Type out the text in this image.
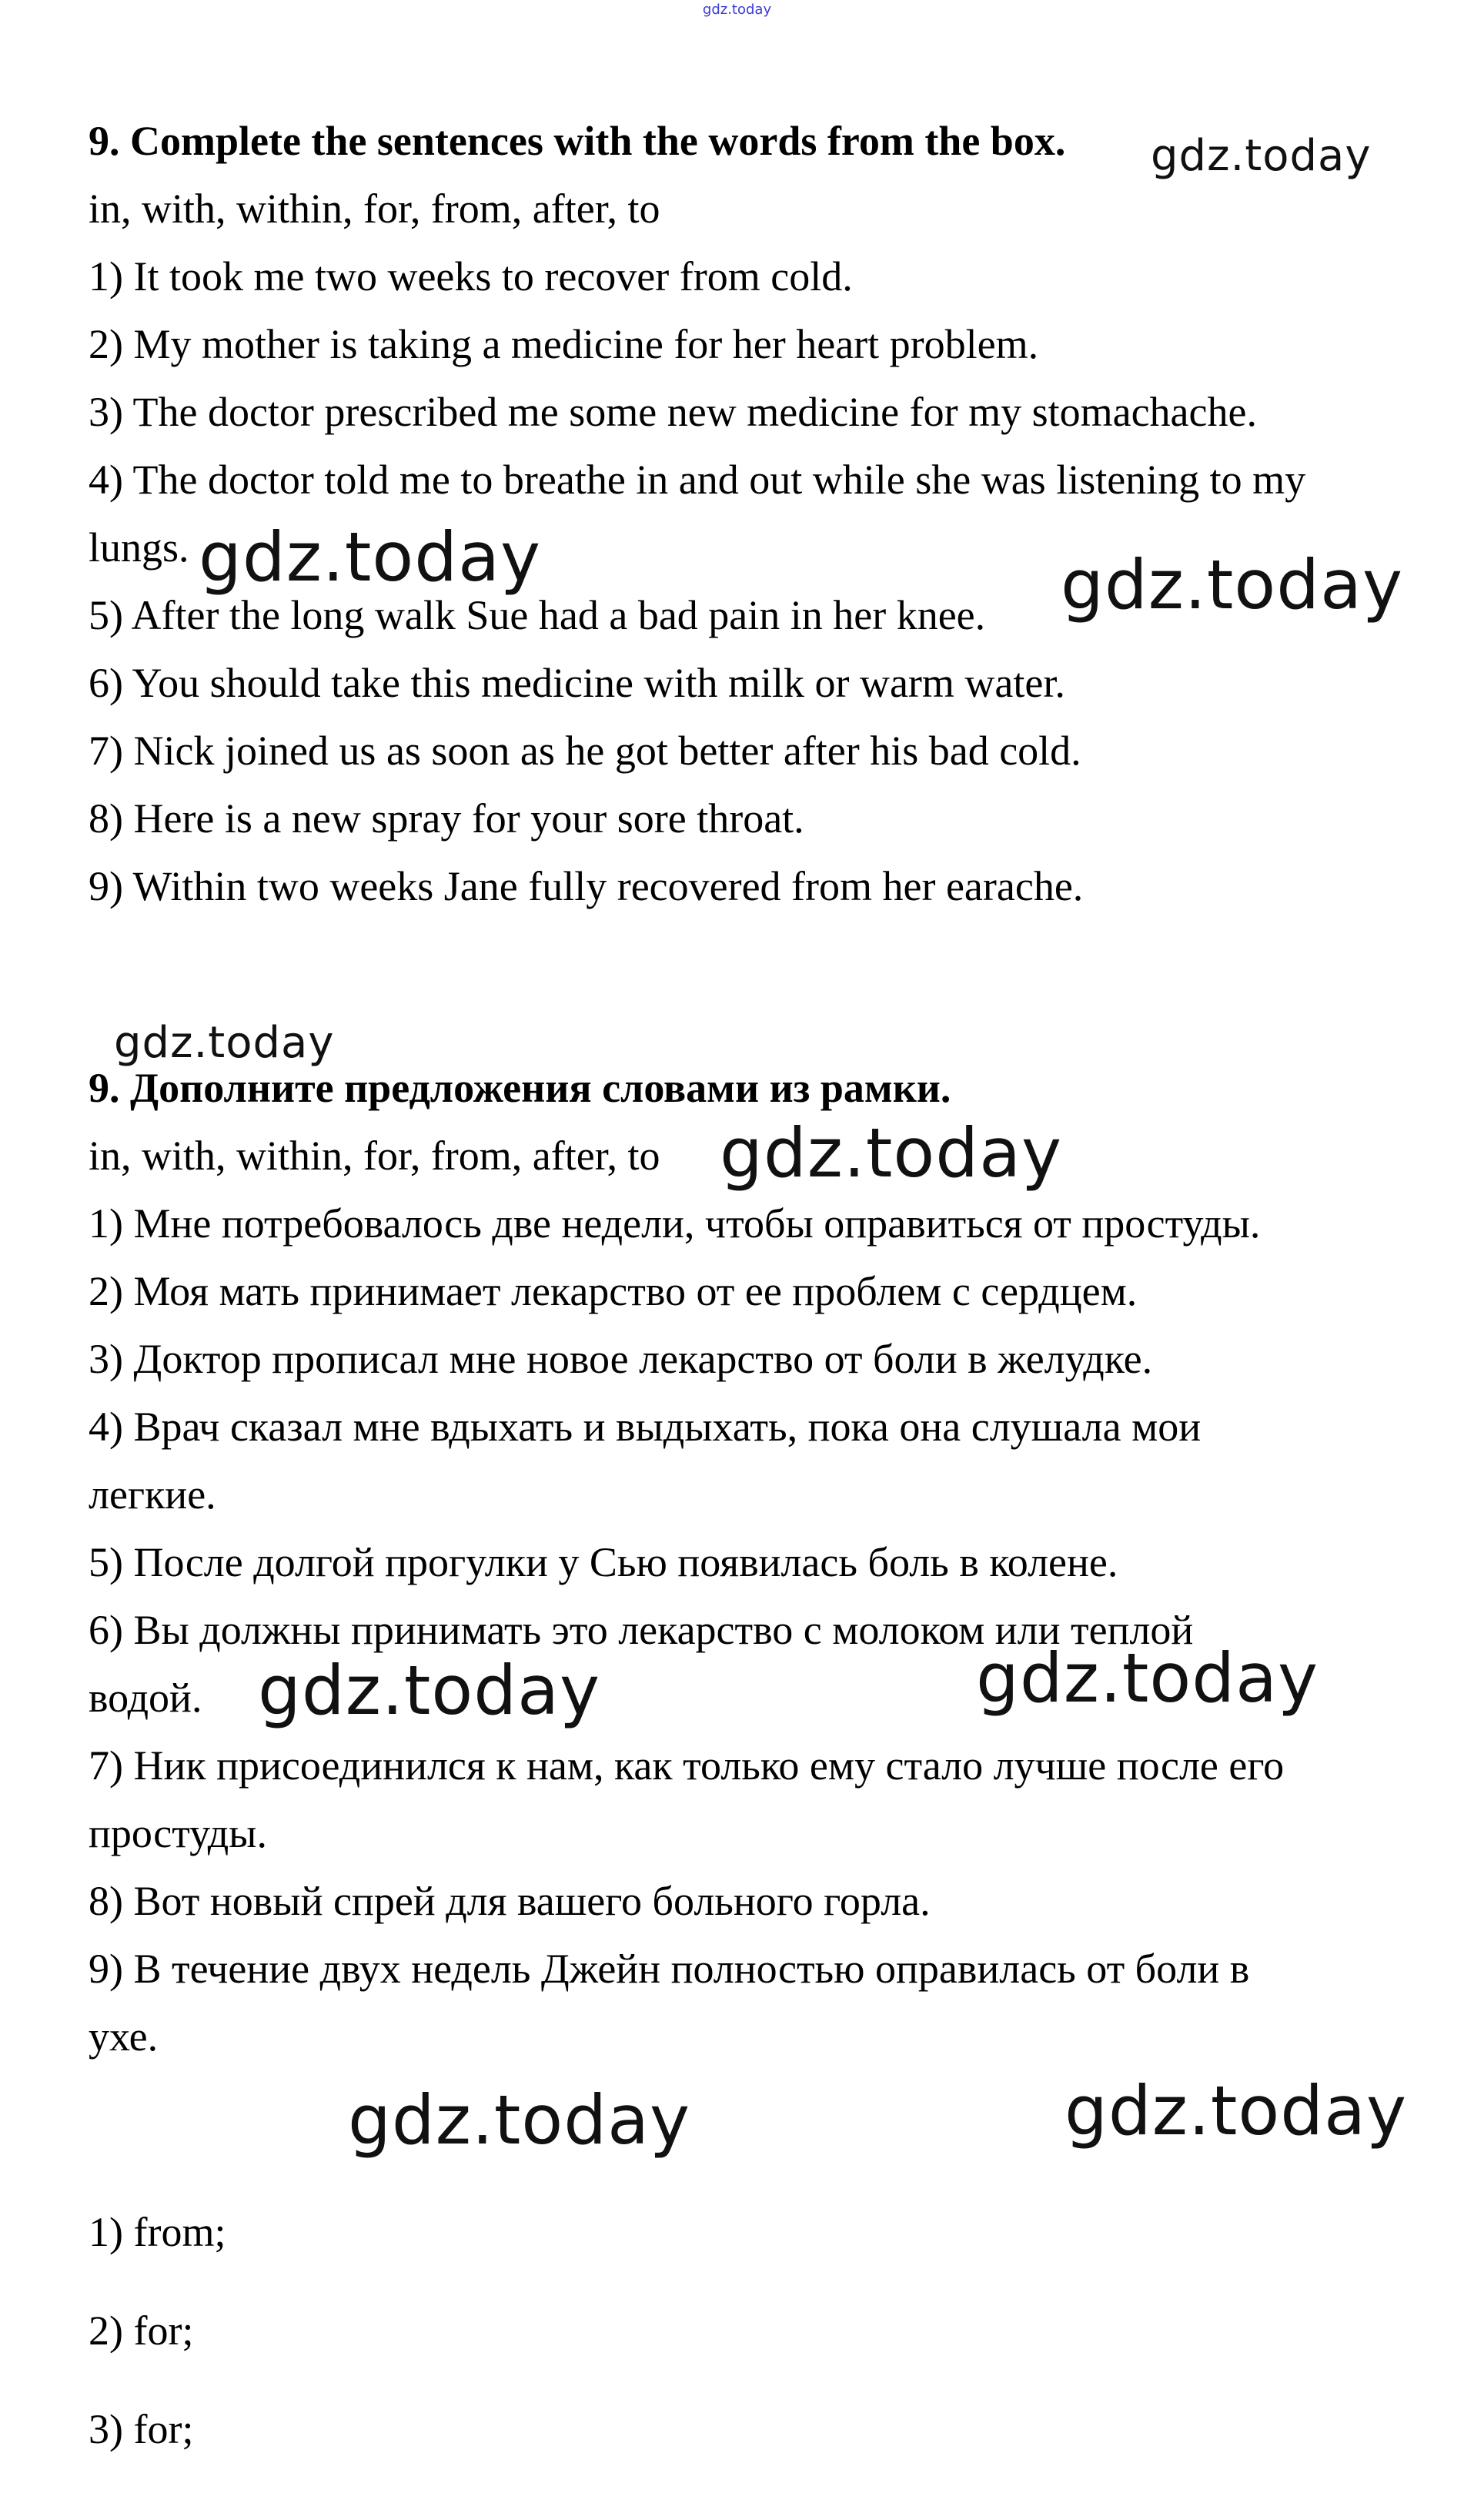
gdz.today
9. Complete the sentences with the words from the box.
in, with, within, for, from, after, to
1) It took me two weeks to recover from cold.
2) My mother is taking a medicine for her heart problem.
3) The doctor prescribed me some new medicine for my stomachache.
4) The doctor told me to breathe in and out while she was listening to my
lungs.
5) After the long walk Sue had a bad pain in her knee.
6) You should take this medicine with milk or warm water.
7) Nick joined us as soon as he got better after his bad cold.
8) Here is a new spray for your sore throat.
9) Within two weeks Jane fully recovered from her earache.
9. Дополните предложения словами из рамки.
in, with, within, for, from, after, to
1) Мне потребовалось две недели, чтобы оправиться от простуды.
2) Моя мать принимает лекарство от ее проблем с сердцем.
3) Доктор прописал мне новое лекарство от боли в желудке.
4) Врач сказал мне вдыхать и выдыхать, пока она слушала мои
легкие.
5) После долгой прогулки у Сью появилась боль в колене.
6) Вы должны принимать это лекарство с молоком или теплой
водой.
7) Ник присоединился к нам, как только ему стало лучше после его
простуды.
8) Вот новый спрей для вашего больного горла.
9) В течение двух недель Джейн полностью оправилась от боли в
ухе.
1) from;
2) for;
3) for;
gdz.today
gdz.today	gdz.today
gdz.today
gdz.today
gdz.today	gdz.today
gdz.today	gdz.today
